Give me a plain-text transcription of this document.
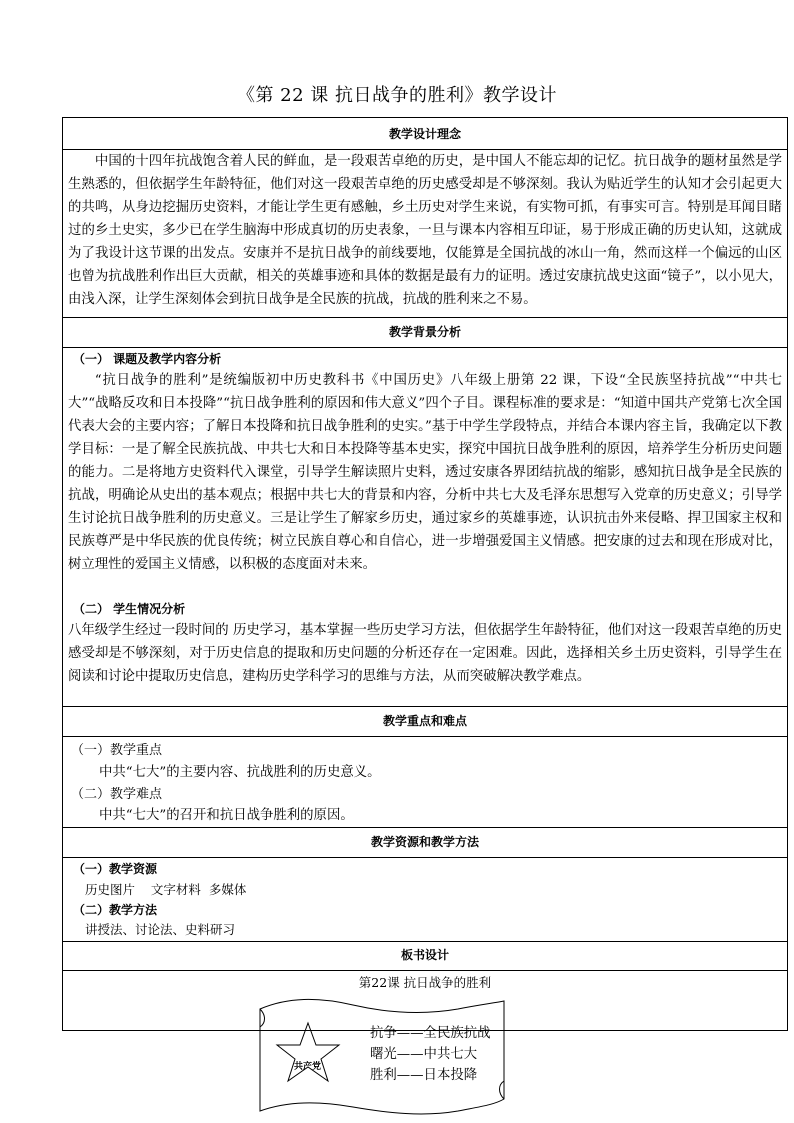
《第 22 课 抗日战争的胜利》教学设计
教学设计理念
中国的十四年抗战饱含着人民的鲜血，是一段艰苦卓绝的历史，是中国人不能忘却的记忆。抗日战争的题材虽然是学生熟悉的，但依据学生年龄特征，他们对这一段艰苦卓绝的历史感受却是不够深刻。我认为贴近学生的认知才会引起更大的共鸣，从身边挖掘历史资料，才能让学生更有感触，乡土历史对学生来说，有实物可抓，有事实可言。特别是耳闻目睹过的乡土史实，多少已在学生脑海中形成真切的历史表象，一旦与课本内容相互印证，易于形成正确的历史认知，这就成为了我设计这节课的出发点。安康并不是抗日战争的前线要地，仅能算是全国抗战的冰山一角，然而这样一个偏远的山区也曾为抗战胜利作出巨大贡献，相关的英雄事迹和具体的数据是最有力的证明。透过安康抗战史这面“镜子”，以小见大，由浅入深，让学生深刻体会到抗日战争是全民族的抗战，抗战的胜利来之不易。
教学背景分析
（一） 课题及教学内容分析
“抗日战争的胜利”是统编版初中历史教科书《中国历史》八年级上册第 22 课，下设“全民族坚持抗战”“中共七大”“战略反攻和日本投降”“抗日战争胜利的原因和伟大意义”四个子目。课程标准的要求是：“知道中国共产党第七次全国代表大会的主要内容；了解日本投降和抗日战争胜利的史实。”基于中学生学段特点，并结合本课内容主旨，我确定以下教学目标：一是了解全民族抗战、中共七大和日本投降等基本史实，探究中国抗日战争胜利的原因，培养学生分析历史问题的能力。二是将地方史资料代入课堂，引导学生解读照片史料，透过安康各界团结抗战的缩影，感知抗日战争是全民族的抗战，明确论从史出的基本观点；根据中共七大的背景和内容，分析中共七大及毛泽东思想写入党章的历史意义；引导学生讨论抗日战争胜利的历史意义。三是让学生了解家乡历史，通过家乡的英雄事迹，认识抗击外来侵略、捍卫国家主权和民族尊严是中华民族的优良传统；树立民族自尊心和自信心，进一步增强爱国主义情感。把安康的过去和现在形成对比，树立理性的爱国主义情感，以积极的态度面对未来。
（二） 学生情况分析
八年级学生经过一段时间的 历史学习，基本掌握一些历史学习方法，但依据学生年龄特征，他们对这一段艰苦卓绝的历史感受却是不够深刻，对于历史信息的提取和历史问题的分析还存在一定困难。因此，选择相关乡土历史资料，引导学生在阅读和讨论中提取历史信息，建构历史学科学习的思维与方法，从而突破解决教学难点。
教学重点和难点
（一）教学重点
中共“七大”的主要内容、抗战胜利的历史意义。
（二）教学难点
中共“七大”的召开和抗日战争胜利的原因。
教学资源和教学方法
（一）教学资源
历史图片    文字材料  多媒体
（二）教学方法
讲授法、讨论法、史料研习
板书设计
第22课 抗日战争的胜利
共产党
抗争——全民族抗战
曙光——中共七大
胜利——日本投降
